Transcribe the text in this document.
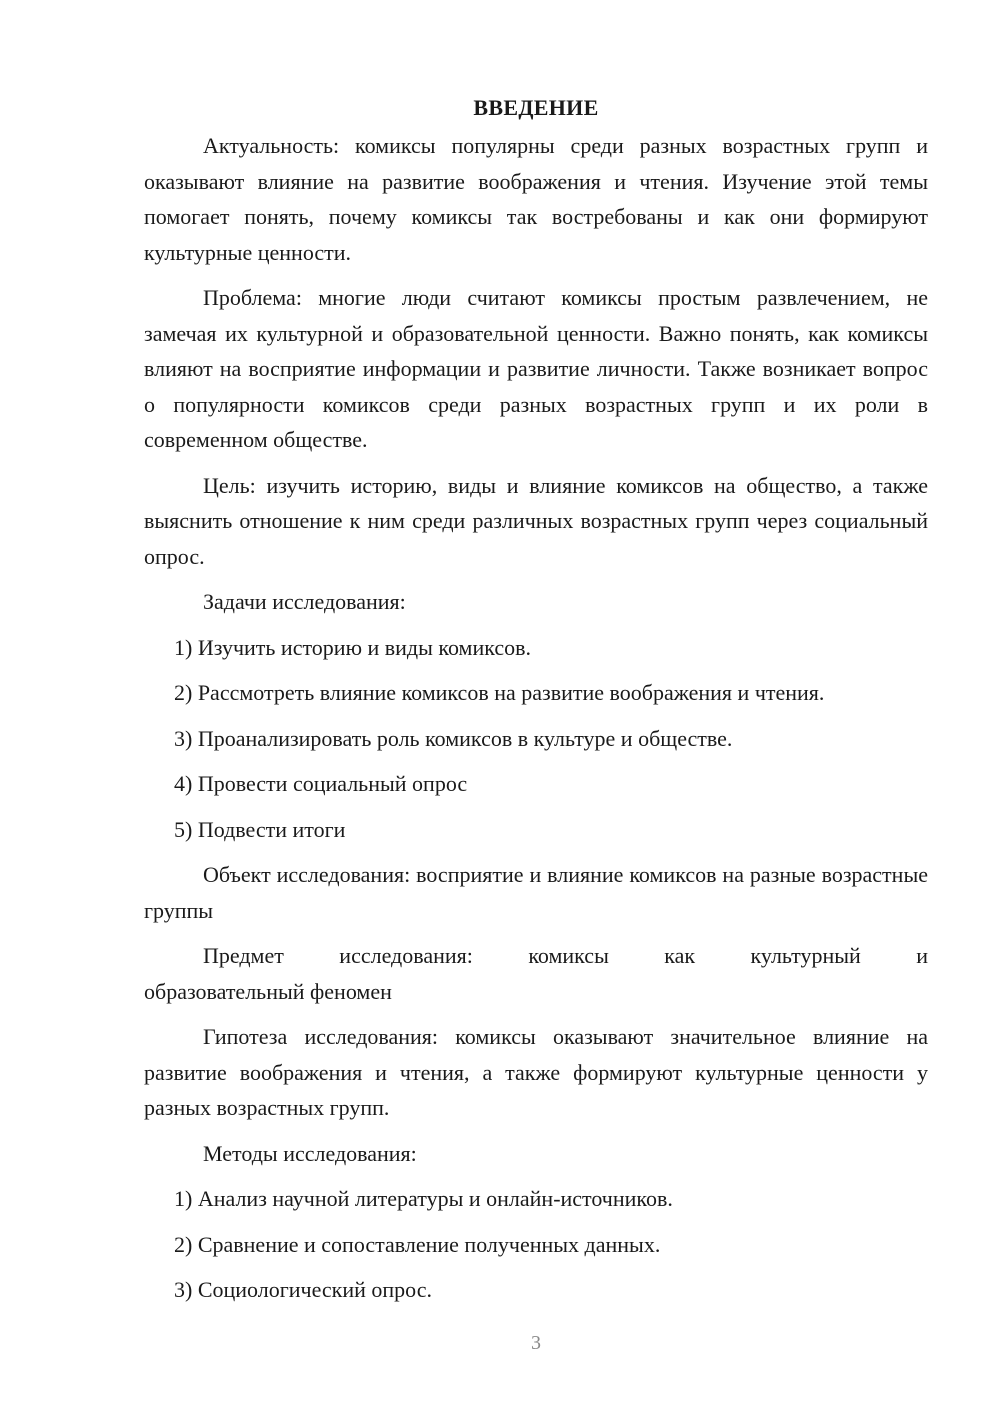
ВВЕДЕНИЕ

Актуальность: комиксы популярны среди разных возрастных групп и оказывают влияние на развитие воображения и чтения. Изучение этой темы помогает понять, почему комиксы так востребованы и как они формируют культурные ценности.

Проблема: многие люди считают комиксы простым развлечением, не замечая их культурной и образовательной ценности. Важно понять, как комиксы влияют на восприятие информации и развитие личности. Также возникает вопрос о популярности комиксов среди разных возрастных групп и их роли в современном обществе.

Цель: изучить историю, виды и влияние комиксов на общество, а также выяснить отношение к ним среди различных возрастных групп через социальный опрос.

Задачи исследования:

1) Изучить историю и виды комиксов.

2) Рассмотреть влияние комиксов на развитие воображения и чтения.

3) Проанализировать роль комиксов в культуре и обществе.

4) Провести социальный опрос

5) Подвести итоги

Объект исследования: восприятие и влияние комиксов на разные возрастные группы

Предмет исследования: комиксы как культурный и

образовательный феномен

Гипотеза исследования: комиксы оказывают значительное влияние на развитие воображения и чтения, а также формируют культурные ценности у разных возрастных групп.

Методы исследования:

1) Анализ научной литературы и онлайн-источников.

2) Сравнение и сопоставление полученных данных.

3) Социологический опрос.

3
